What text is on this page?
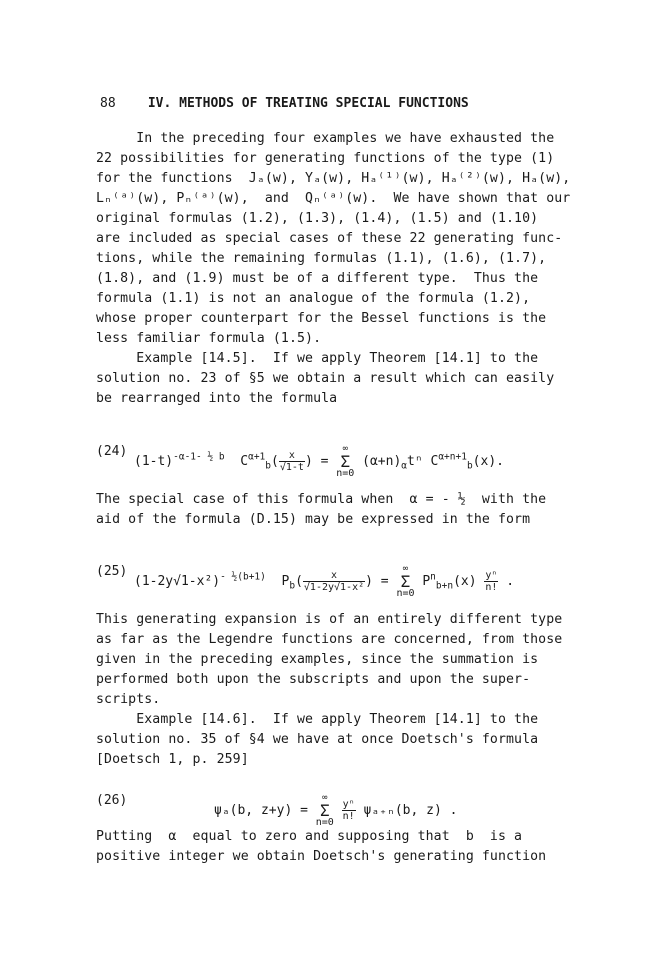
88 IV. METHODS OF TREATING SPECIAL FUNCTIONS
In the preceding four examples we have exhausted the
22 possibilities for generating functions of the type (1)
for the functions  Jₐ(w), Yₐ(w), Hₐ⁽¹⁾(w), Hₐ⁽²⁾(w), Hₐ(w),
Lₙ⁽ᵃ⁾(w), Pₙ⁽ᵃ⁾(w),  and  Qₙ⁽ᵃ⁾(w).  We have shown that our
original formulas (1.2), (1.3), (1.4), (1.5) and (1.10)
are included as special cases of these 22 generating func-
tions, while the remaining formulas (1.1), (1.6), (1.7),
(1.8), and (1.9) must be of a different type.  Thus the
formula (1.1) is not an analogue of the formula (1.2),
whose proper counterpart for the Bessel functions is the
less familiar formula (1.5).
Example [14.5].  If we apply Theorem [14.1] to the
solution no. 23 of §5 we obtain a result which can easily
be rearranged into the formula
(24)
$(1-t)^{-\alpha-1- \frac{1}{2} b}$ $C^{\alpha+1}_b( \frac{x}{√1-t}$ ) =
∞
Σ
n=0
$(\alpha+n)_\alpha t^n$ $C^{\alpha+n+1}_b(x)$.
The special case of this formula when  α = - ½  with the
aid of the formula (D.15) may be expressed in the form
(25)
$(1-2y√1-x^2)^{- \frac{1}{2}(b+1)}$ $P_b( \frac{x}{\text{√1-2y√1-x²}}$ ) =
∞
Σ
n=0
$P^n_{b+n}(x) \frac{\text{yⁿ}}{n!}$ .
This generating expansion is of an entirely different type
as far as the Legendre functions are concerned, from those
given in the preceding examples, since the summation is
performed both upon the subscripts and upon the super-
scripts.
Example [14.6].  If we apply Theorem [14.1] to the
solution no. 35 of §4 we have at once Doetsch's formula
[Doetsch 1, p. 259]
(26)
ψₐ(b, z+y) =
∞
Σ
n=0

$\frac{\text{yⁿ}}{n!} \psi_{a+n}(b$, z) .
Putting  α  equal to zero and supposing that  b  is a
positive integer we obtain Doetsch's generating function
